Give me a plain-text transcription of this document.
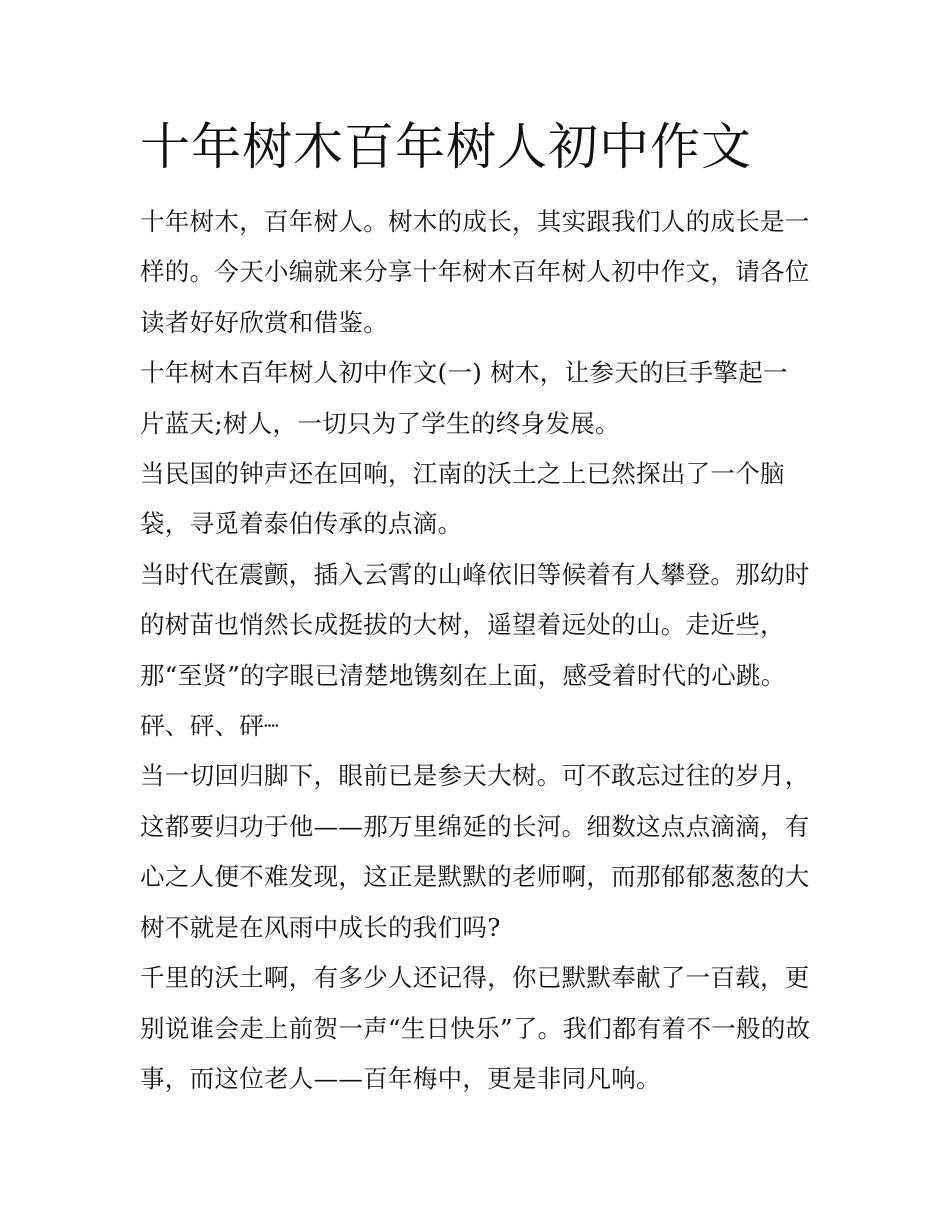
十年树木百年树人初中作文

十年树木，百年树人。树木的成长，其实跟我们人的成长是一样的。今天小编就来分享十年树木百年树人初中作文，请各位读者好好欣赏和借鉴。

十年树木百年树人初中作文(一) 树木，让参天的巨手擎起一片蓝天;树人，一切只为了学生的终身发展。

当民国的钟声还在回响，江南的沃土之上已然探出了一个脑袋，寻觅着泰伯传承的点滴。

当时代在震颤，插入云霄的山峰依旧等候着有人攀登。那幼时的树苗也悄然长成挺拔的大树，遥望着远处的山。走近些，那“至贤”的字眼已清楚地镌刻在上面，感受着时代的心跳。

砰、砰、砰┈

当一切回归脚下，眼前已是参天大树。可不敢忘过往的岁月，这都要归功于他——那万里绵延的长河。细数这点点滴滴，有心之人便不难发现，这正是默默的老师啊，而那郁郁葱葱的大树不就是在风雨中成长的我们吗?

千里的沃土啊，有多少人还记得，你已默默奉献了一百载，更别说谁会走上前贺一声“生日快乐”了。我们都有着不一般的故事，而这位老人——百年梅中，更是非同凡响。
